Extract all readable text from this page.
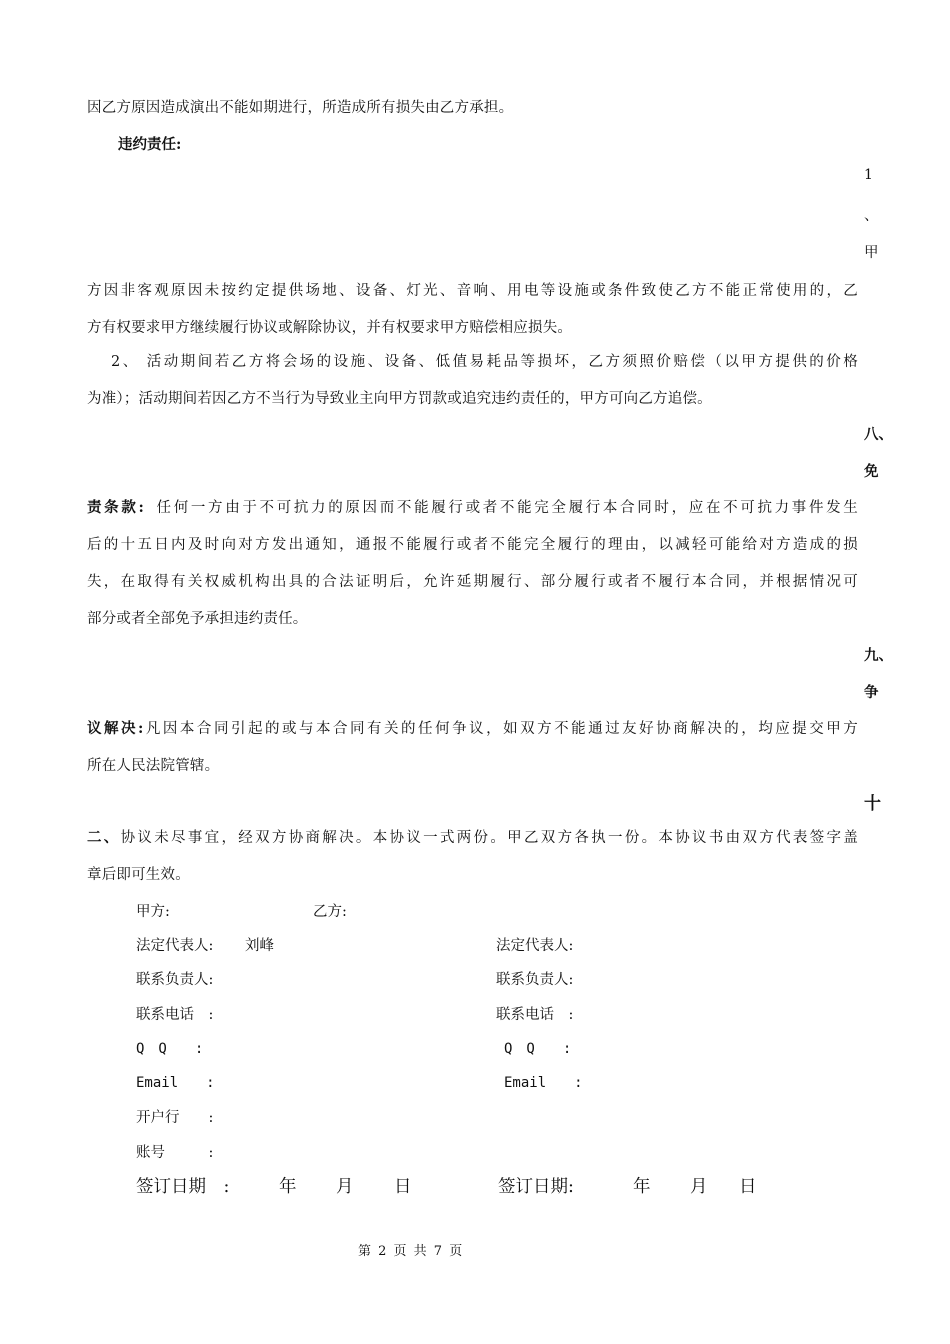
因乙方原因造成演出不能如期进行，所造成所有损失由乙方承担。
违约责任:
1
、
甲
方因非客观原因未按约定提供场地、设备、灯光、音响、用电等设施或条件致使乙方不能正常使用的，乙
方有权要求甲方继续履行协议或解除协议，并有权要求甲方赔偿相应损失。
2、 活动期间若乙方将会场的设施、设备、低值易耗品等损坏，乙方须照价赔偿（以甲方提供的价格
为准）；活动期间若因乙方不当行为导致业主向甲方罚款或追究违约责任的，甲方可向乙方追偿。
八、
免
责条款: 任何一方由于不可抗力的原因而不能履行或者不能完全履行本合同时，应在不可抗力事件发生
后的十五日内及时向对方发出通知，通报不能履行或者不能完全履行的理由，以减轻可能给对方造成的损
失，在取得有关权威机构出具的合法证明后，允许延期履行、部分履行或者不履行本合同，并根据情况可
部分或者全部免予承担违约责任。
九、
争
议解决:凡因本合同引起的或与本合同有关的任何争议，如双方不能通过友好协商解决的，均应提交甲方
所在人民法院管辖。
十
二、协议未尽事宜，经双方协商解决。本协议一式两份。甲乙双方各执一份。本协议书由双方代表签字盖
章后即可生效。
甲方:	乙方:
法定代表人: 刘峰	法定代表人:
联系负责人:	联系负责人:
联系电话　:	联系电话　:
Q　Q　　:	Q　Q　　:
Email　　:	Email　　:
开户行　　:
账号　　　:
签订日期　:	年 月 日	签订日期:	年 月 日
第 2 页 共 7 页
